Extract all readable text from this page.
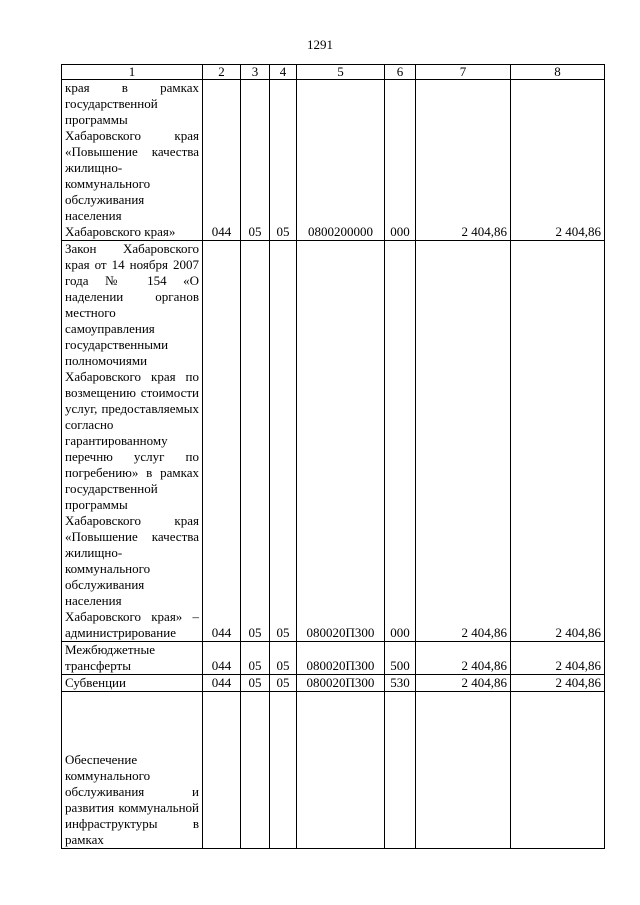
1291
1	2	3	4	5	6	7	8
края в рамках государственной программы Хабаровского края «Повышение качества жилищно-коммунального обслуживания населения Хабаровского края»	044	05	05	0800200000	000	2 404,86	2 404,86
Закон Хабаровского края от 14 ноября 2007 года № 154 «О наделении органов местного самоуправления государственными полномочиями Хабаровского края по возмещению стоимости услуг, предоставляемых согласно гарантированному перечню услуг по погребению» в рамках государственной программы Хабаровского края «Повышение качества жилищно-коммунального обслуживания населения Хабаровского края» – администрирование	044	05	05	080020П300	000	2 404,86	2 404,86
Межбюджетные трансферты	044	05	05	080020П300	500	2 404,86	2 404,86
Субвенции	044	05	05	080020П300	530	2 404,86	2 404,86
Обеспечение коммунального обслуживания и развития коммунальной инфраструктуры в рамках							
